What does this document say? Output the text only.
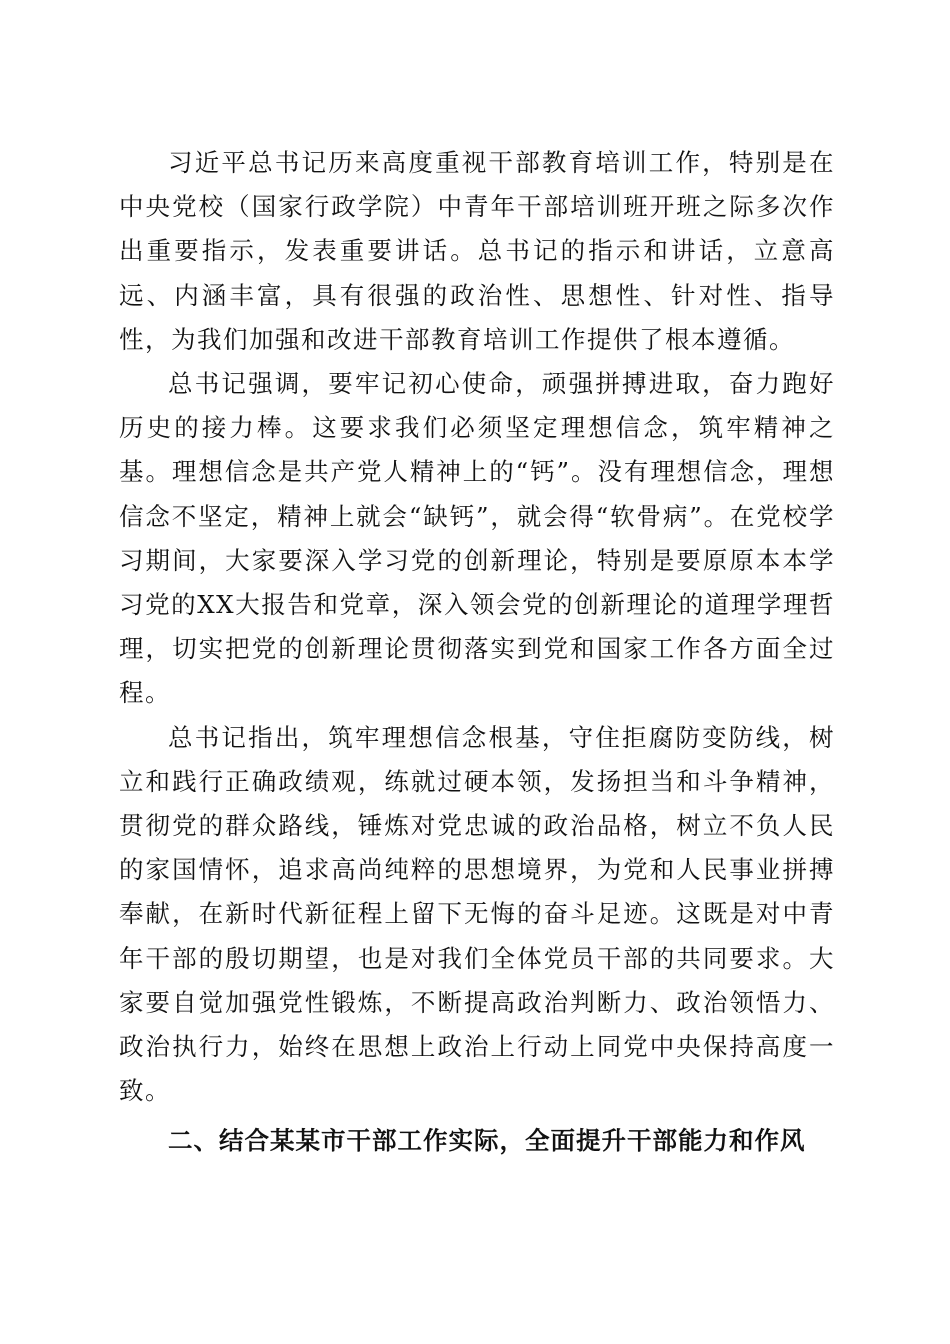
习近平总书记历来高度重视干部教育培训工作，特别是在中央党校（国家行政学院）中青年干部培训班开班之际多次作出重要指示，发表重要讲话。总书记的指示和讲话，立意高远、内涵丰富，具有很强的政治性、思想性、针对性、指导性，为我们加强和改进干部教育培训工作提供了根本遵循。

总书记强调，要牢记初心使命，顽强拼搏进取，奋力跑好历史的接力棒。这要求我们必须坚定理想信念，筑牢精神之基。理想信念是共产党人精神上的“钙”。没有理想信念，理想信念不坚定，精神上就会“缺钙”，就会得“软骨病”。在党校学习期间，大家要深入学习党的创新理论，特别是要原原本本学习党的XX大报告和党章，深入领会党的创新理论的道理学理哲理，切实把党的创新理论贯彻落实到党和国家工作各方面全过程。

总书记指出，筑牢理想信念根基，守住拒腐防变防线，树立和践行正确政绩观，练就过硬本领，发扬担当和斗争精神，贯彻党的群众路线，锤炼对党忠诚的政治品格，树立不负人民的家国情怀，追求高尚纯粹的思想境界，为党和人民事业拼搏奉献，在新时代新征程上留下无悔的奋斗足迹。这既是对中青年干部的殷切期望，也是对我们全体党员干部的共同要求。大家要自觉加强党性锻炼，不断提高政治判断力、政治领悟力、政治执行力，始终在思想上政治上行动上同党中央保持高度一致。

二、结合某某市干部工作实际，全面提升干部能力和作风
